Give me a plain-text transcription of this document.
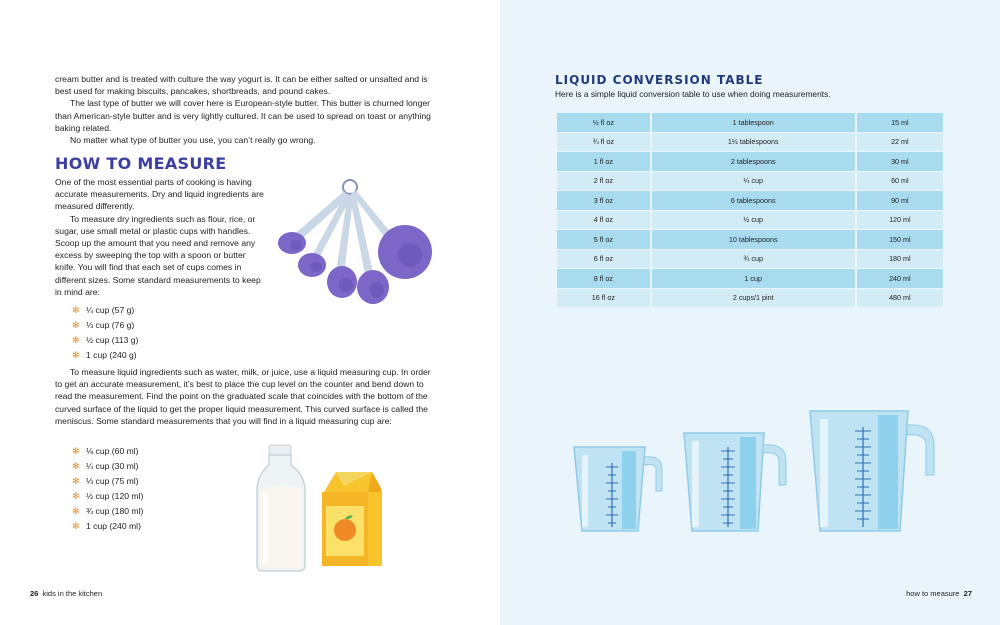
cream butter and is treated with culture the way yogurt is. It can be either salted or unsalted and is best used for making biscuits, pancakes, shortbreads, and pound cakes.

The last type of butter we will cover here is European-style butter. This butter is churned longer than American-style butter and is very lightly cultured. It can be used to spread on toast or anything baking related.

No matter what type of butter you use, you can’t really go wrong.

HOW TO MEASURE

One of the most essential parts of cooking is having accurate measurements. Dry and liquid ingredients are measured differently.

To measure dry ingredients such as flour, rice, or sugar, use small metal or plastic cups with handles. Scoop up the amount that you need and remove any excess by sweeping the top with a spoon or butter knife. You will find that each set of cups comes in different sizes. Some standard measurements to keep in mind are:

✻ ¼ cup (57 g)
✻ ⅓ cup (76 g)
✻ ½ cup (113 g)
✻ 1 cup (240 g)
To measure liquid ingredients such as water, milk, or juice, use a liquid measuring cup. In order to get an accurate measurement, it’s best to place the cup level on the counter and bend down to read the measurement. Find the point on the graduated scale that coincides with the bottom of the curved surface of the liquid to get the proper liquid measurement. This curved surface is called the meniscus. Some standard measurements that you will find in a liquid measuring cup are:
✻ ⅛ cup (60 ml)
✻ ¼ cup (30 ml)
✻ ⅓ cup (75 ml)
✻ ½ cup (120 ml)
✻ ¾ cup (180 ml)
✻ 1 cup (240 ml)
26 kids in the kitchen
LIQUID CONVERSION TABLE
Here is a simple liquid conversion table to use when doing measurements.
½ fl oz	1 tablespoon	15 ml
¾ fl oz	1½ tablespoons	22 ml
1 fl oz	2 tablespoons	30 ml
2 fl oz	¼ cup	60 ml
3 fl oz	6 tablespoons	90 ml
4 fl oz	½ cup	120 ml
5 fl oz	10 tablespoons	150 ml
6 fl oz	¾ cup	180 ml
8 fl oz	1 cup	240 ml
16 fl oz	2 cups/1 pint	480 ml
how to measure 27
